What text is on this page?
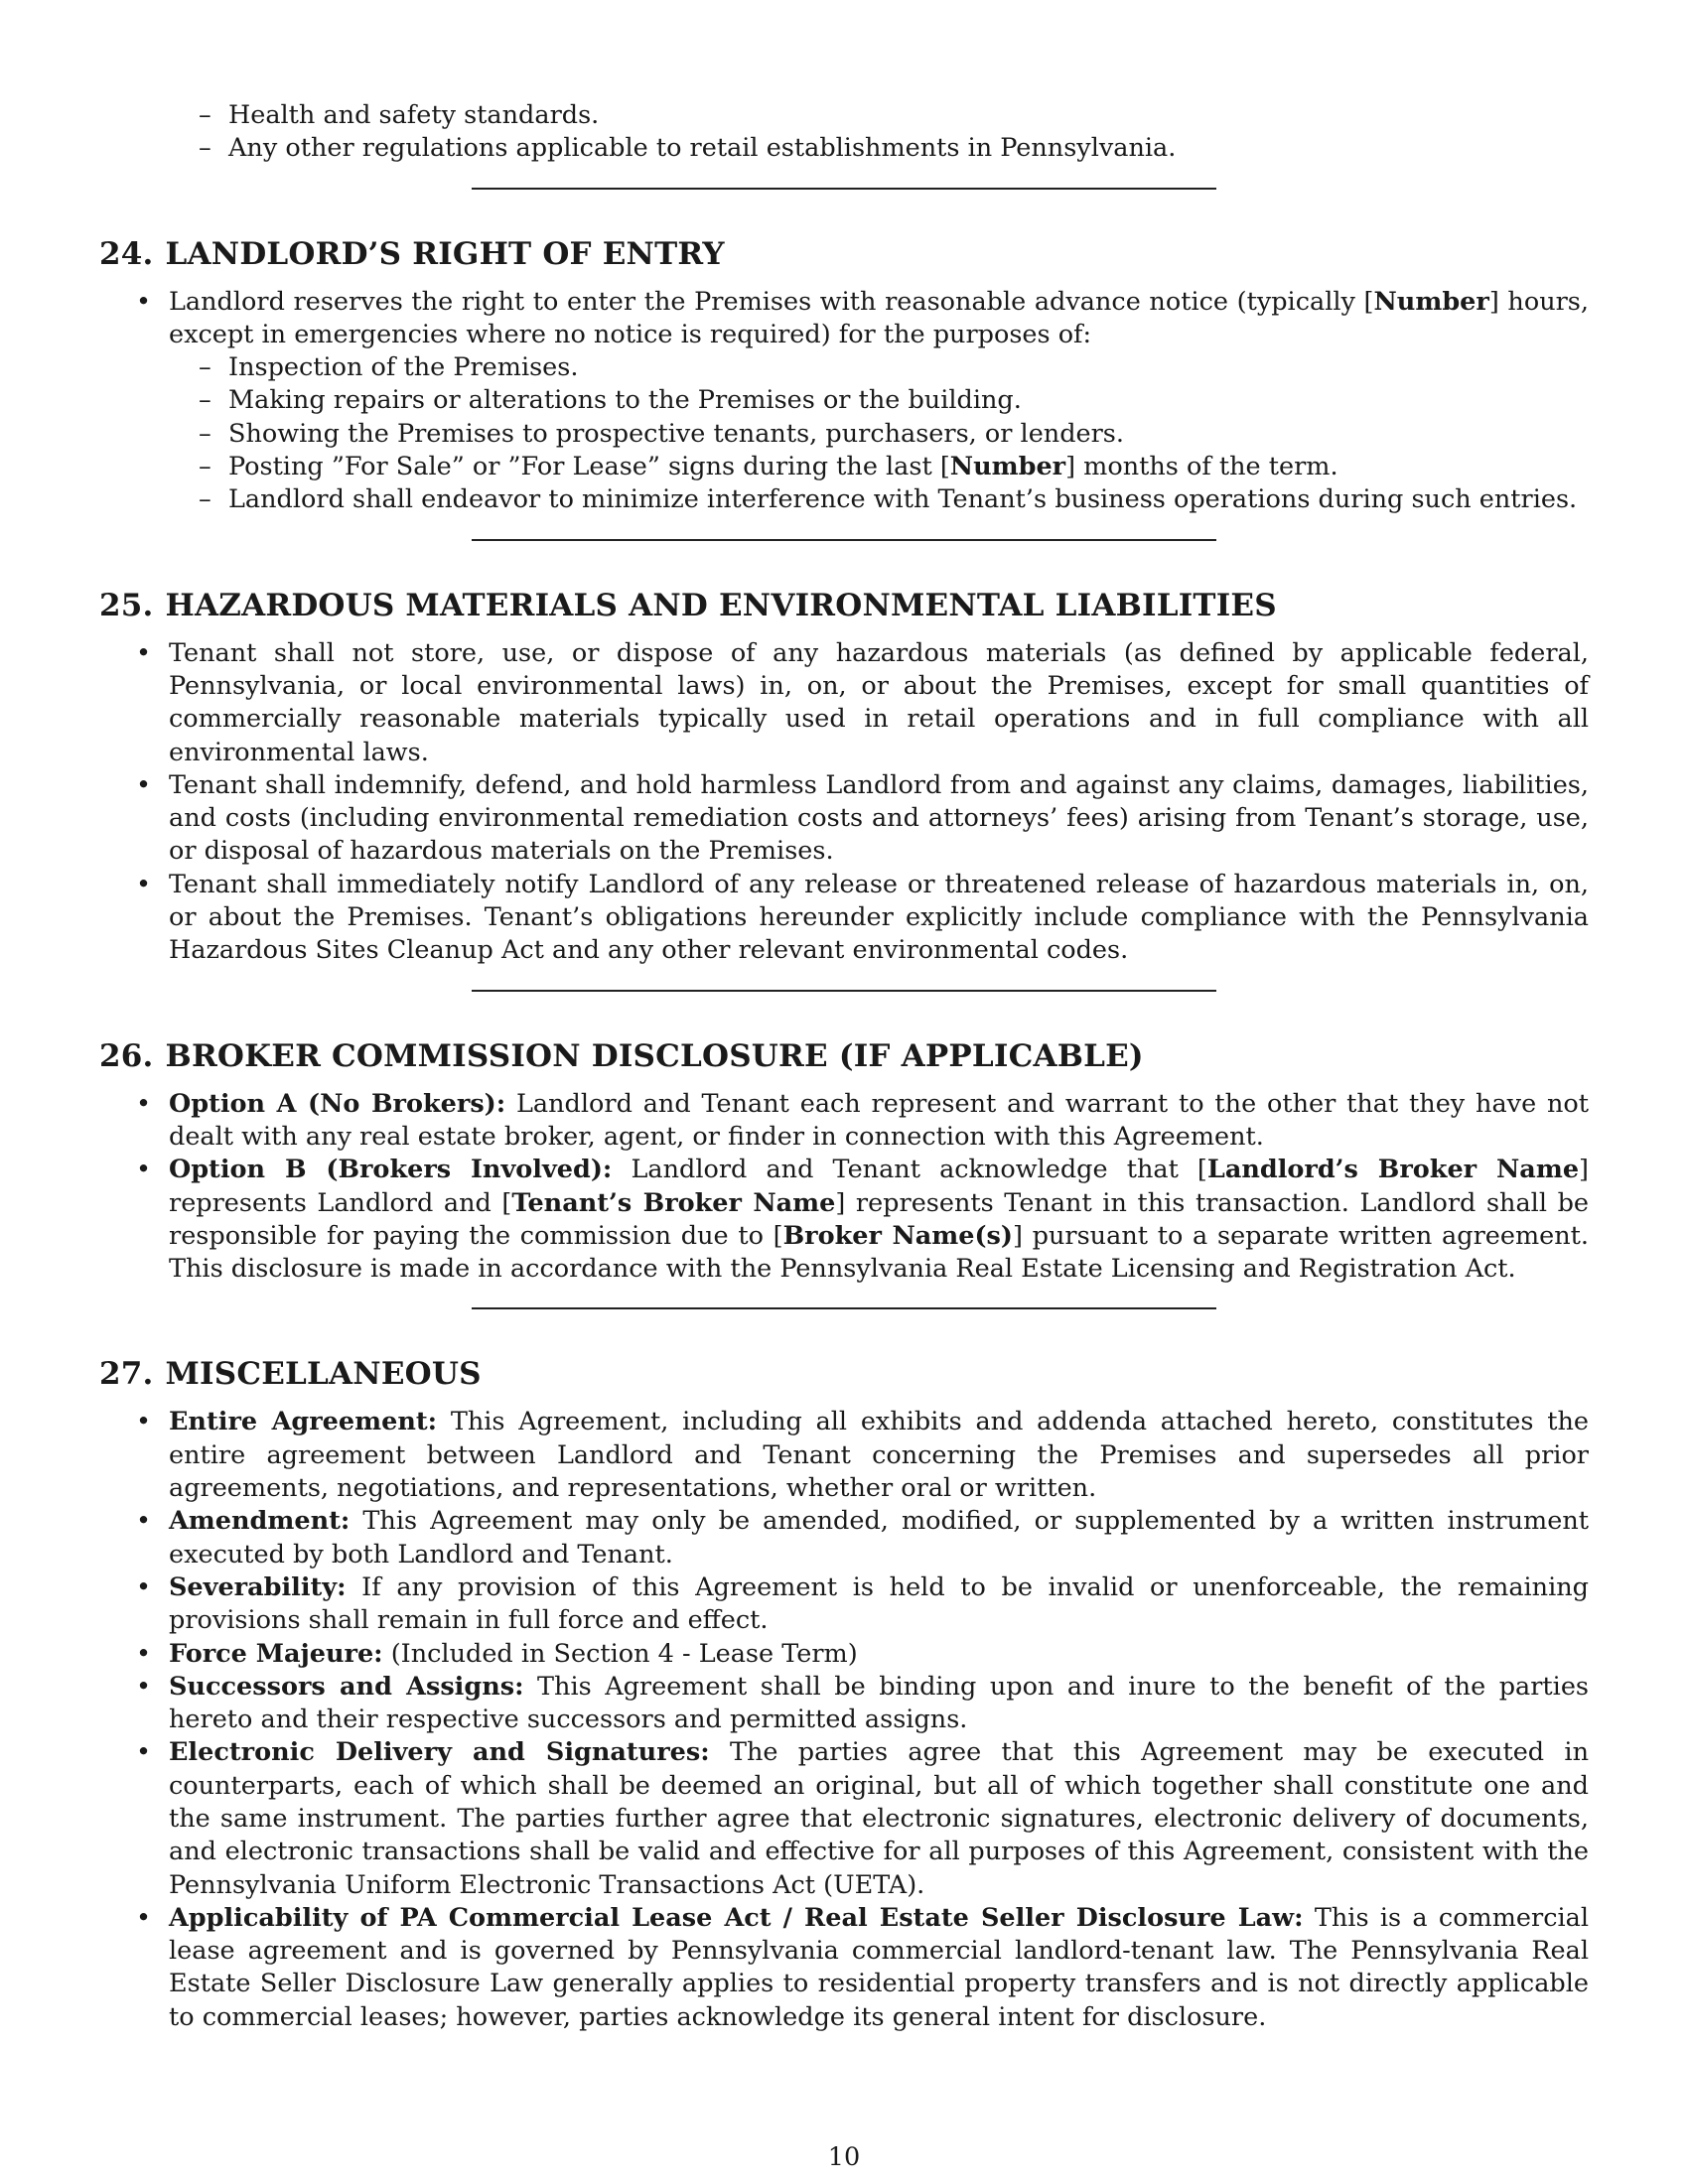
– Health and safety standards.
– Any other regulations applicable to retail establishments in Pennsylvania.
24. LANDLORD’S RIGHT OF ENTRY
• Landlord reserves the right to enter the Premises with reasonable advance notice (typically [Number] hours, except in emergencies where no notice is required) for the purposes of:
– Inspection of the Premises.
– Making repairs or alterations to the Premises or the building.
– Showing the Premises to prospective tenants, purchasers, or lenders.
– Posting ”For Sale” or ”For Lease” signs during the last [Number] months of the term.
– Landlord shall endeavor to minimize interference with Tenant’s business operations during such entries.
25. HAZARDOUS MATERIALS AND ENVIRONMENTAL LIABILITIES
• Tenant shall not store, use, or dispose of any hazardous materials (as defined by applicable federal, Pennsylvania, or local environmental laws) in, on, or about the Premises, except for small quantities of commercially reasonable materials typically used in retail operations and in full compliance with all environmental laws.
• Tenant shall indemnify, defend, and hold harmless Landlord from and against any claims, damages, liabilities, and costs (including environmental remediation costs and attorneys’ fees) arising from Tenant’s storage, use, or disposal of hazardous materials on the Premises.
• Tenant shall immediately notify Landlord of any release or threatened release of hazardous materials in, on, or about the Premises. Tenant’s obligations hereunder explicitly include compliance with the Pennsylvania Hazardous Sites Cleanup Act and any other relevant environmental codes.
26. BROKER COMMISSION DISCLOSURE (IF APPLICABLE)
• Option A (No Brokers): Landlord and Tenant each represent and warrant to the other that they have not dealt with any real estate broker, agent, or finder in connection with this Agreement.
• Option B (Brokers Involved): Landlord and Tenant acknowledge that [Landlord’s Broker Name] represents Landlord and [Tenant’s Broker Name] represents Tenant in this transaction. Landlord shall be responsible for paying the commission due to [Broker Name(s)] pursuant to a separate written agreement. This disclosure is made in accordance with the Pennsylvania Real Estate Licensing and Registration Act.
27. MISCELLANEOUS
• Entire Agreement: This Agreement, including all exhibits and addenda attached hereto, constitutes the entire agreement between Landlord and Tenant concerning the Premises and supersedes all prior agreements, negotiations, and representations, whether oral or written.
• Amendment: This Agreement may only be amended, modified, or supplemented by a written instrument executed by both Landlord and Tenant.
• Severability: If any provision of this Agreement is held to be invalid or unenforceable, the remaining provisions shall remain in full force and effect.
• Force Majeure: (Included in Section 4 - Lease Term)
• Successors and Assigns: This Agreement shall be binding upon and inure to the benefit of the parties hereto and their respective successors and permitted assigns.
• Electronic Delivery and Signatures: The parties agree that this Agreement may be executed in counterparts, each of which shall be deemed an original, but all of which together shall constitute one and the same instrument. The parties further agree that electronic signatures, electronic delivery of documents, and electronic transactions shall be valid and effective for all purposes of this Agreement, consistent with the Pennsylvania Uniform Electronic Transactions Act (UETA).
• Applicability of PA Commercial Lease Act / Real Estate Seller Disclosure Law: This is a commercial lease agreement and is governed by Pennsylvania commercial landlord-tenant law. The Pennsylvania Real Estate Seller Disclosure Law generally applies to residential property transfers and is not directly applicable to commercial leases; however, parties acknowledge its general intent for disclosure.
10
